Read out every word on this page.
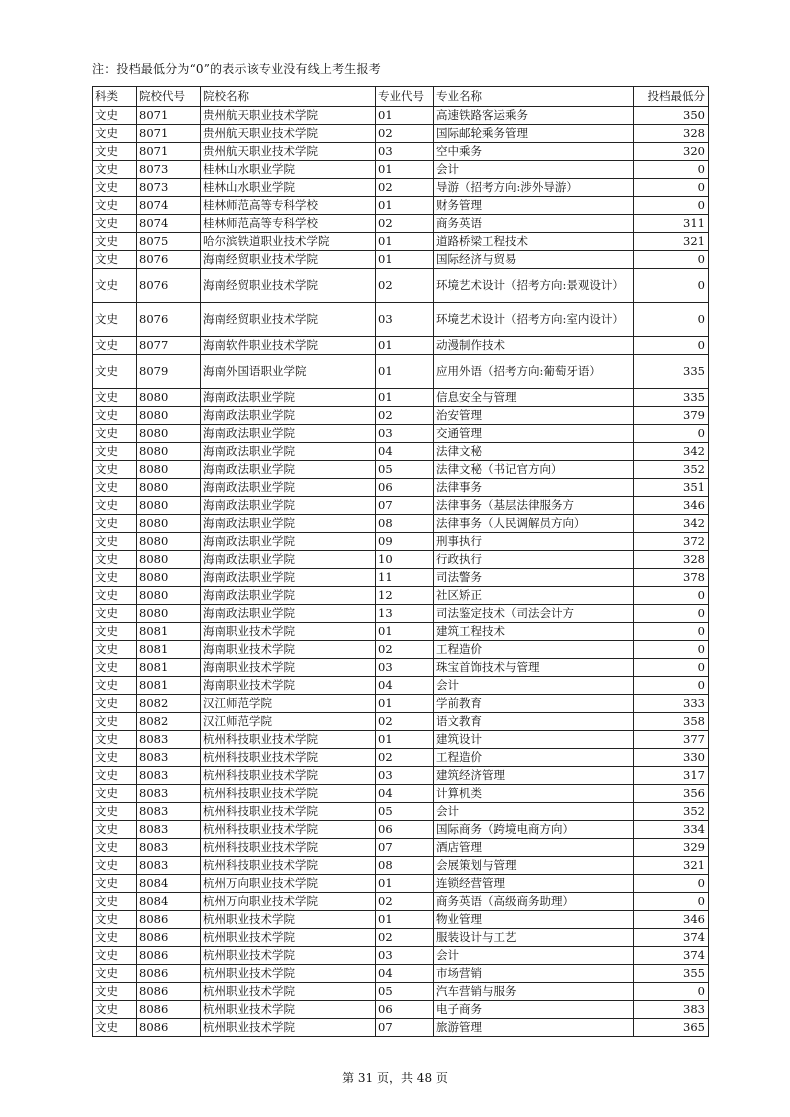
注：投档最低分为“0”的表示该专业没有线上考生报考
科类	院校代号	院校名称	专业代号	专业名称	投档最低分
文史	8071	贵州航天职业技术学院	01	高速铁路客运乘务	350
文史	8071	贵州航天职业技术学院	02	国际邮轮乘务管理	328
文史	8071	贵州航天职业技术学院	03	空中乘务	320
文史	8073	桂林山水职业学院	01	会计	0
文史	8073	桂林山水职业学院	02	导游（招考方向:涉外导游）	0
文史	8074	桂林师范高等专科学校	01	财务管理	0
文史	8074	桂林师范高等专科学校	02	商务英语	311
文史	8075	哈尔滨铁道职业技术学院	01	道路桥梁工程技术	321
文史	8076	海南经贸职业技术学院	01	国际经济与贸易	0
文史	8076	海南经贸职业技术学院	02	环境艺术设计（招考方向:景观设计）	0
文史	8076	海南经贸职业技术学院	03	环境艺术设计（招考方向:室内设计）	0
文史	8077	海南软件职业技术学院	01	动漫制作技术	0
文史	8079	海南外国语职业学院	01	应用外语（招考方向:葡萄牙语）	335
文史	8080	海南政法职业学院	01	信息安全与管理	335
文史	8080	海南政法职业学院	02	治安管理	379
文史	8080	海南政法职业学院	03	交通管理	0
文史	8080	海南政法职业学院	04	法律文秘	342
文史	8080	海南政法职业学院	05	法律文秘（书记官方向）	352
文史	8080	海南政法职业学院	06	法律事务	351
文史	8080	海南政法职业学院	07	法律事务（基层法律服务方	346
文史	8080	海南政法职业学院	08	法律事务（人民调解员方向）	342
文史	8080	海南政法职业学院	09	刑事执行	372
文史	8080	海南政法职业学院	10	行政执行	328
文史	8080	海南政法职业学院	11	司法警务	378
文史	8080	海南政法职业学院	12	社区矫正	0
文史	8080	海南政法职业学院	13	司法鉴定技术（司法会计方	0
文史	8081	海南职业技术学院	01	建筑工程技术	0
文史	8081	海南职业技术学院	02	工程造价	0
文史	8081	海南职业技术学院	03	珠宝首饰技术与管理	0
文史	8081	海南职业技术学院	04	会计	0
文史	8082	汉江师范学院	01	学前教育	333
文史	8082	汉江师范学院	02	语文教育	358
文史	8083	杭州科技职业技术学院	01	建筑设计	377
文史	8083	杭州科技职业技术学院	02	工程造价	330
文史	8083	杭州科技职业技术学院	03	建筑经济管理	317
文史	8083	杭州科技职业技术学院	04	计算机类	356
文史	8083	杭州科技职业技术学院	05	会计	352
文史	8083	杭州科技职业技术学院	06	国际商务（跨境电商方向）	334
文史	8083	杭州科技职业技术学院	07	酒店管理	329
文史	8083	杭州科技职业技术学院	08	会展策划与管理	321
文史	8084	杭州万向职业技术学院	01	连锁经营管理	0
文史	8084	杭州万向职业技术学院	02	商务英语（高级商务助理）	0
文史	8086	杭州职业技术学院	01	物业管理	346
文史	8086	杭州职业技术学院	02	服装设计与工艺	374
文史	8086	杭州职业技术学院	03	会计	374
文史	8086	杭州职业技术学院	04	市场营销	355
文史	8086	杭州职业技术学院	05	汽车营销与服务	0
文史	8086	杭州职业技术学院	06	电子商务	383
文史	8086	杭州职业技术学院	07	旅游管理	365
第 31 页，共 48 页
